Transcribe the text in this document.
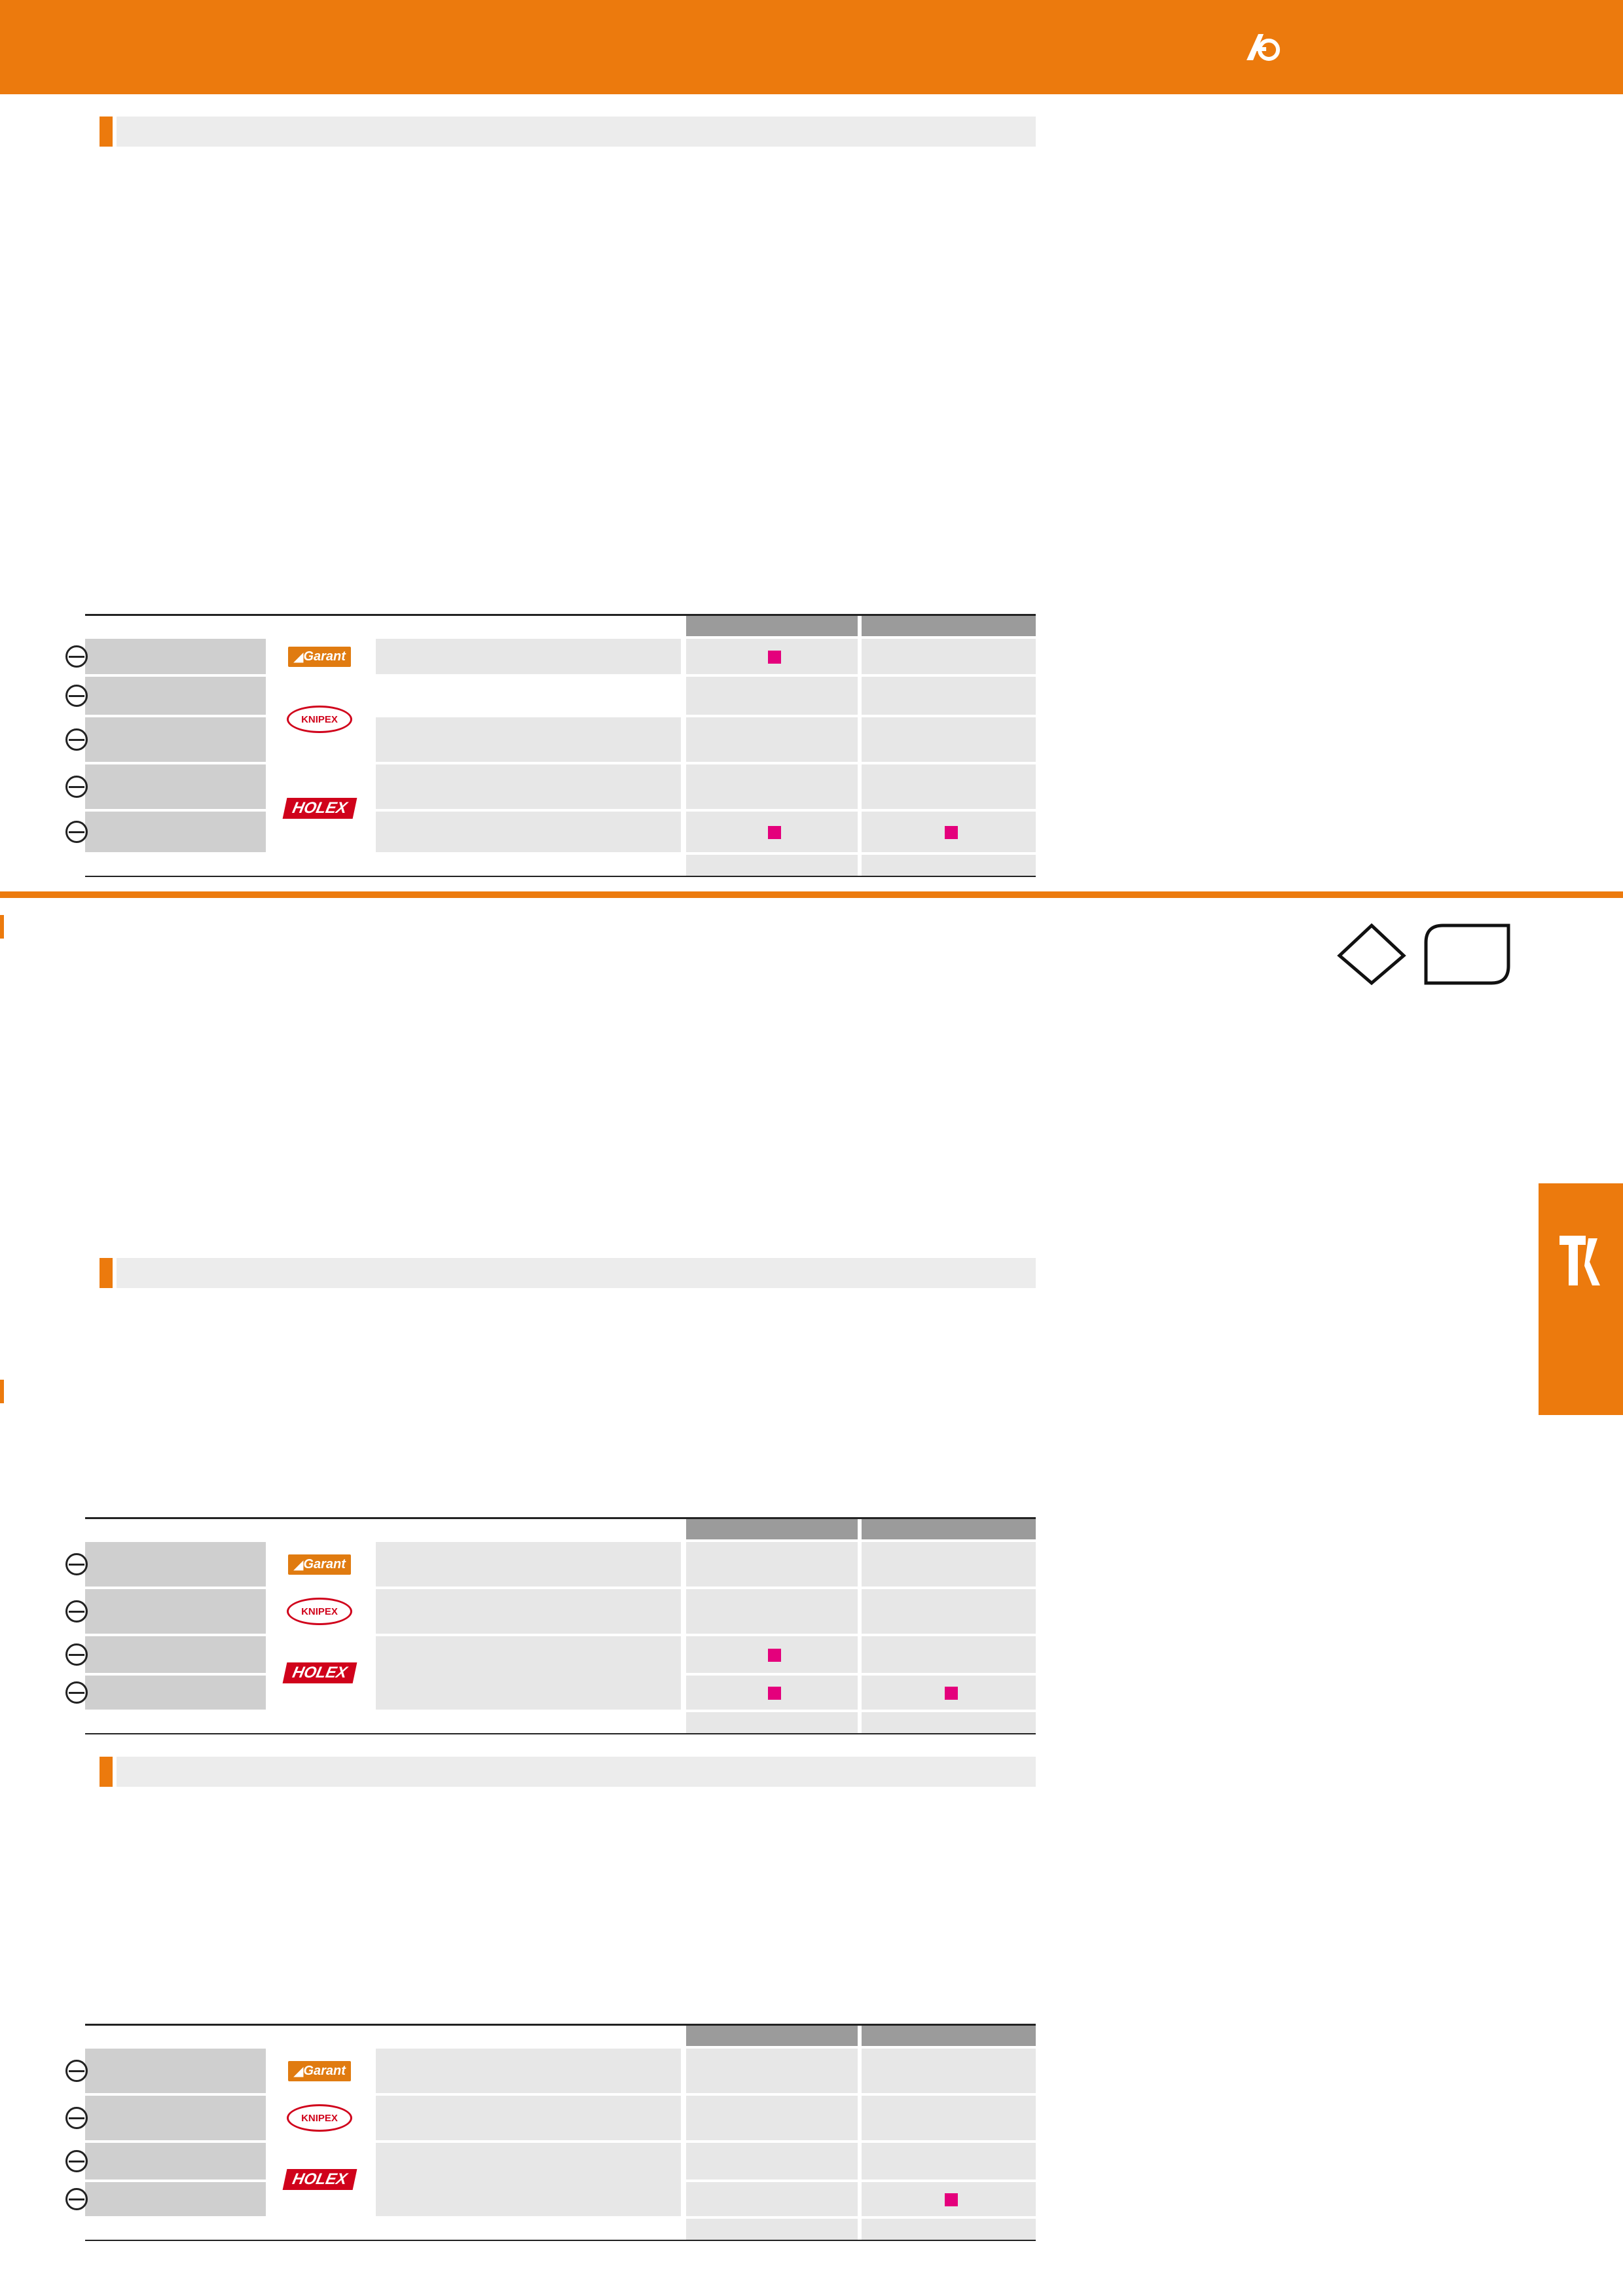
◢ Garant
KNIPEX
HOLEX
◢ Garant
KNIPEX
HOLEX
◢ Garant
KNIPEX
HOLEX
